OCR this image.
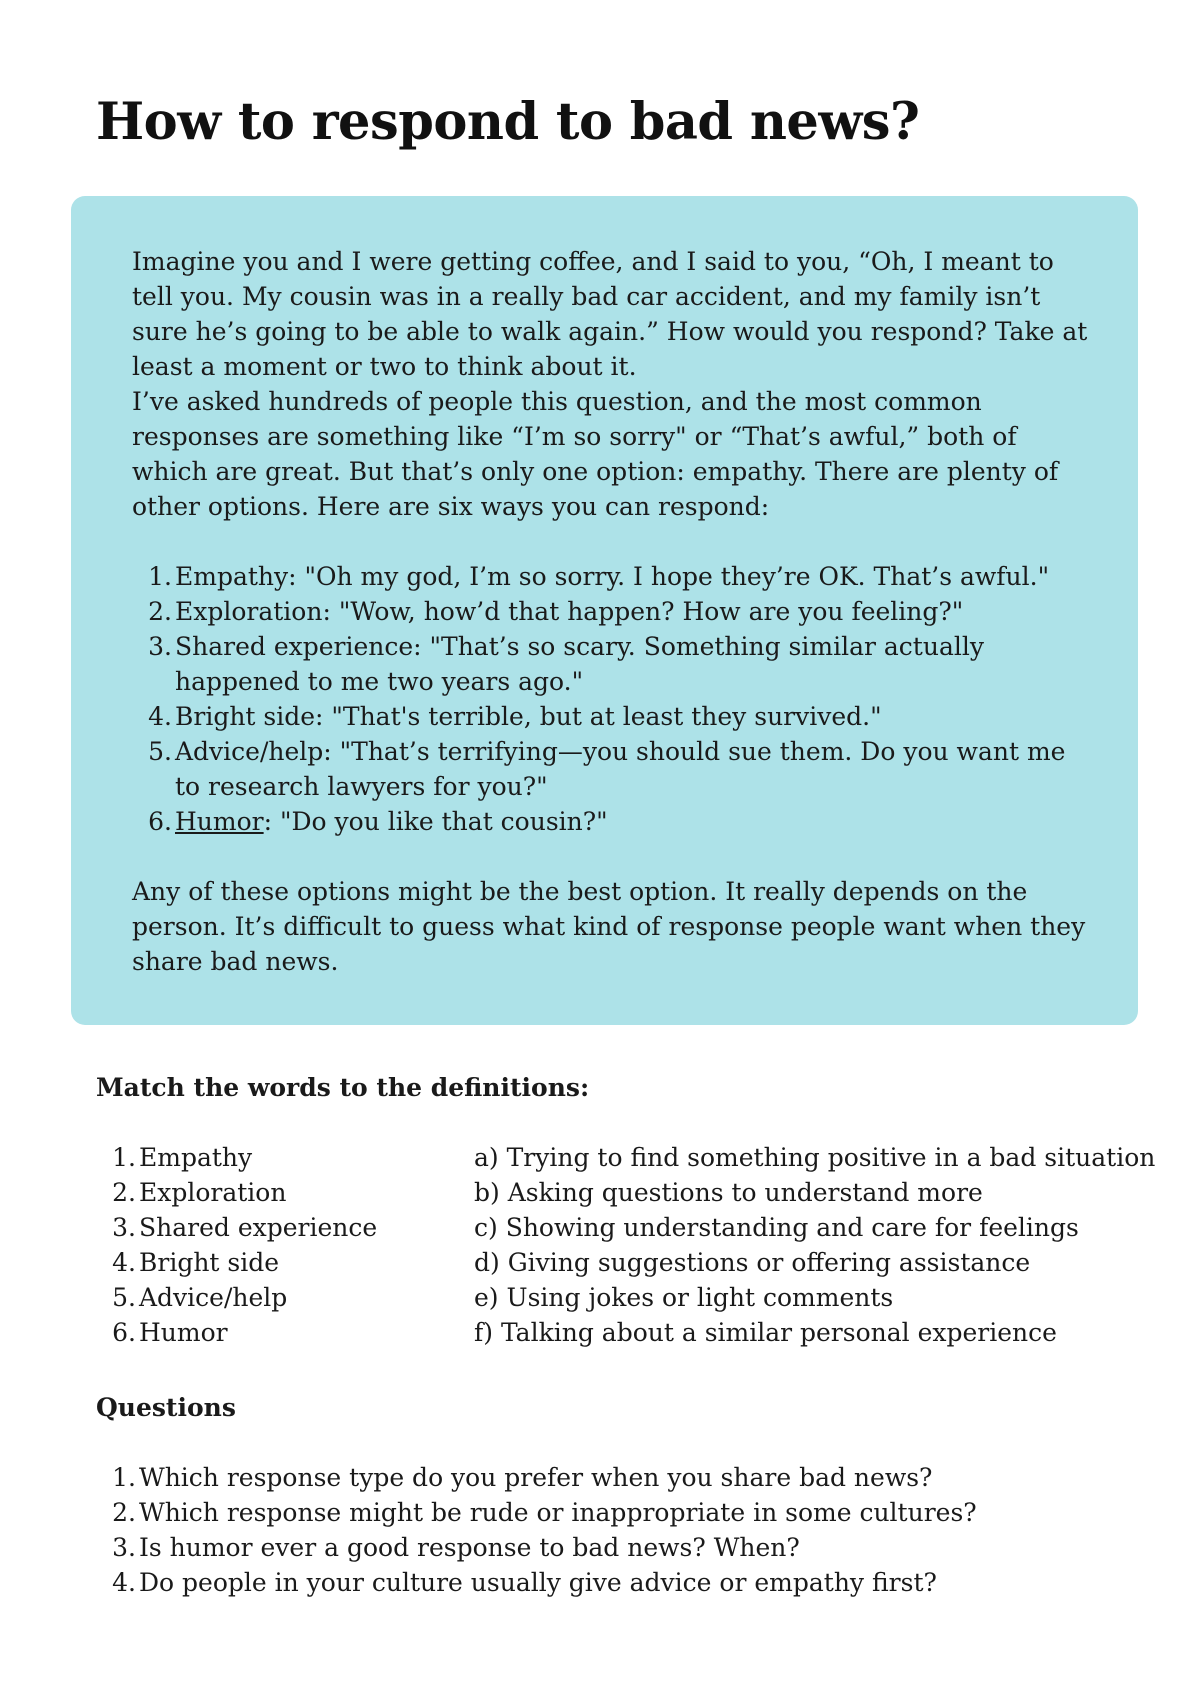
How to respond to bad news?

Imagine you and I were getting coffee, and I said to you, “Oh, I meant to tell you. My cousin was in a really bad car accident, and my family isn’t sure he’s going to be able to walk again.” How would you respond? Take at least a moment or two to think about it.

I’ve asked hundreds of people this question, and the most common responses are something like “I’m so sorry" or “That’s awful,” both of which are great. But that’s only one option: empathy. There are plenty of other options. Here are six ways you can respond:

1. Empathy: "Oh my god, I’m so sorry. I hope they’re OK. That’s awful."
2. Exploration: "Wow, how’d that happen? How are you feeling?"
3. Shared experience: "That’s so scary. Something similar actually happened to me two years ago."
4. Bright side: "That's terrible, but at least they survived."
5. Advice/help: "That’s terrifying—you should sue them. Do you want me to research lawyers for you?"
6. Humor: "Do you like that cousin?"

Any of these options might be the best option. It really depends on the person. It’s difficult to guess what kind of response people want when they share bad news.

Match the words to the definitions:
1. Empathy
2. Exploration
3. Shared experience
4. Bright side
5. Advice/help
6. Humor
a) Trying to find something positive in a bad situation
b) Asking questions to understand more
c) Showing understanding and care for feelings
d) Giving suggestions or offering assistance
e) Using jokes or light comments
f) Talking about a similar personal experience
Questions
1. Which response type do you prefer when you share bad news?
2. Which response might be rude or inappropriate in some cultures?
3. Is humor ever a good response to bad news? When?
4. Do people in your culture usually give advice or empathy first?
